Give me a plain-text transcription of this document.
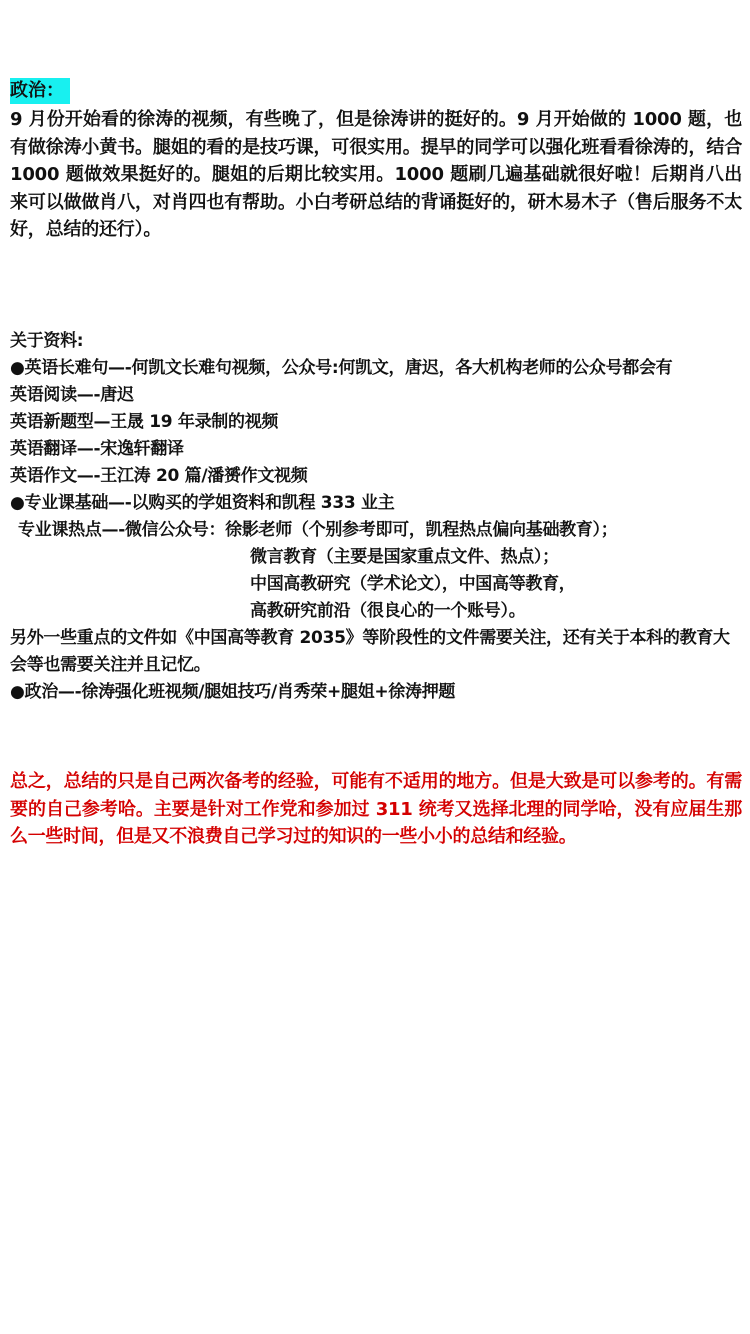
政治：
9 月份开始看的徐涛的视频，有些晚了，但是徐涛讲的挺好的。9 月开始做的 1000 题，也有做徐涛小黄书。腿姐的看的是技巧课，可很实用。提早的同学可以强化班看看徐涛的，结合 1000 题做效果挺好的。腿姐的后期比较实用。1000 题刷几遍基础就很好啦！后期肖八出来可以做做肖八，对肖四也有帮助。小白考研总结的背诵挺好的，研木易木子（售后服务不太好，总结的还行）。
关于资料:
●英语长难句—-何凯文长难句视频，公众号:何凯文，唐迟，各大机构老师的公众号都会有
英语阅读—-唐迟
英语新题型—王晟 19 年录制的视频
英语翻译—-宋逸轩翻译
英语作文—-王江涛 20 篇/潘赟作文视频
●专业课基础—-以购买的学姐资料和凯程 333 业主
专业课热点—-微信公众号：徐影老师（个别参考即可，凯程热点偏向基础教育）；
微言教育（主要是国家重点文件、热点）；
中国高教研究（学术论文），中国高等教育，
高教研究前沿（很良心的一个账号）。
另外一些重点的文件如《中国高等教育 2035》等阶段性的文件需要关注，还有关于本科的教育大会等也需要关注并且记忆。
●政治—-徐涛强化班视频/腿姐技巧/肖秀荣+腿姐+徐涛押题
总之，总结的只是自己两次备考的经验，可能有不适用的地方。但是大致是可以参考的。有需要的自己参考哈。主要是针对工作党和参加过 311 统考又选择北理的同学哈，没有应届生那么一些时间，但是又不浪费自己学习过的知识的一些小小的总结和经验。
